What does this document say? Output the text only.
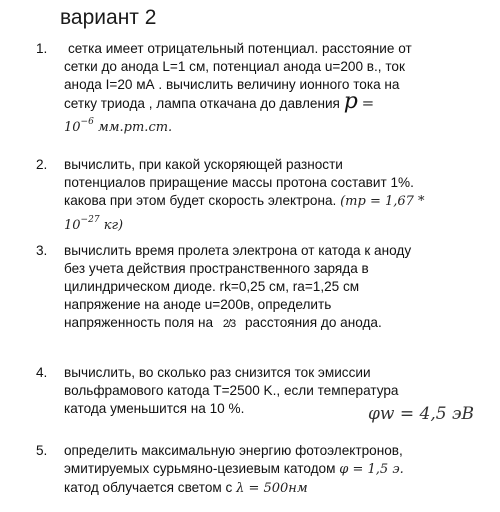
вариант 2
1.	сетка имеет отрицательный потенциал. расстояние от
сетки до анода L=1 см, потенциал анода u=200 в., ток
анода I=20 мА . вычислить величину ионного тока на
сетку триода , лампа откачана до давления p =
$10^{-6}$ мм.рт.ст.
2.	вычислить, при какой ускоряющей разности
потенциалов приращение массы протона составит 1%.
какова при этом будет скорость электрона. (mp = 1,67 *
$10^{-27}$ кг)
3.	вычислить время пролета электрона от катода к аноду
без учета действия пространственного заряда в
цилиндрическом диоде. rk=0,25 см, ra=1,25 см
напряжение на аноде u=200в, определить
напряженность поля на 2/3 расстояния до анода.
4.	вычислить, во сколько раз снизится ток эмиссии
вольфрамового катода T=2500 K., если температура
катода уменьшится на 10 %.	φw = 4,5 эВ
5.	определить максимальную энергию фотоэлектронов,
эмитируемых сурьмяно-цезиевым катодом φ = 1,5 э.
катод облучается светом с λ = 500нм
